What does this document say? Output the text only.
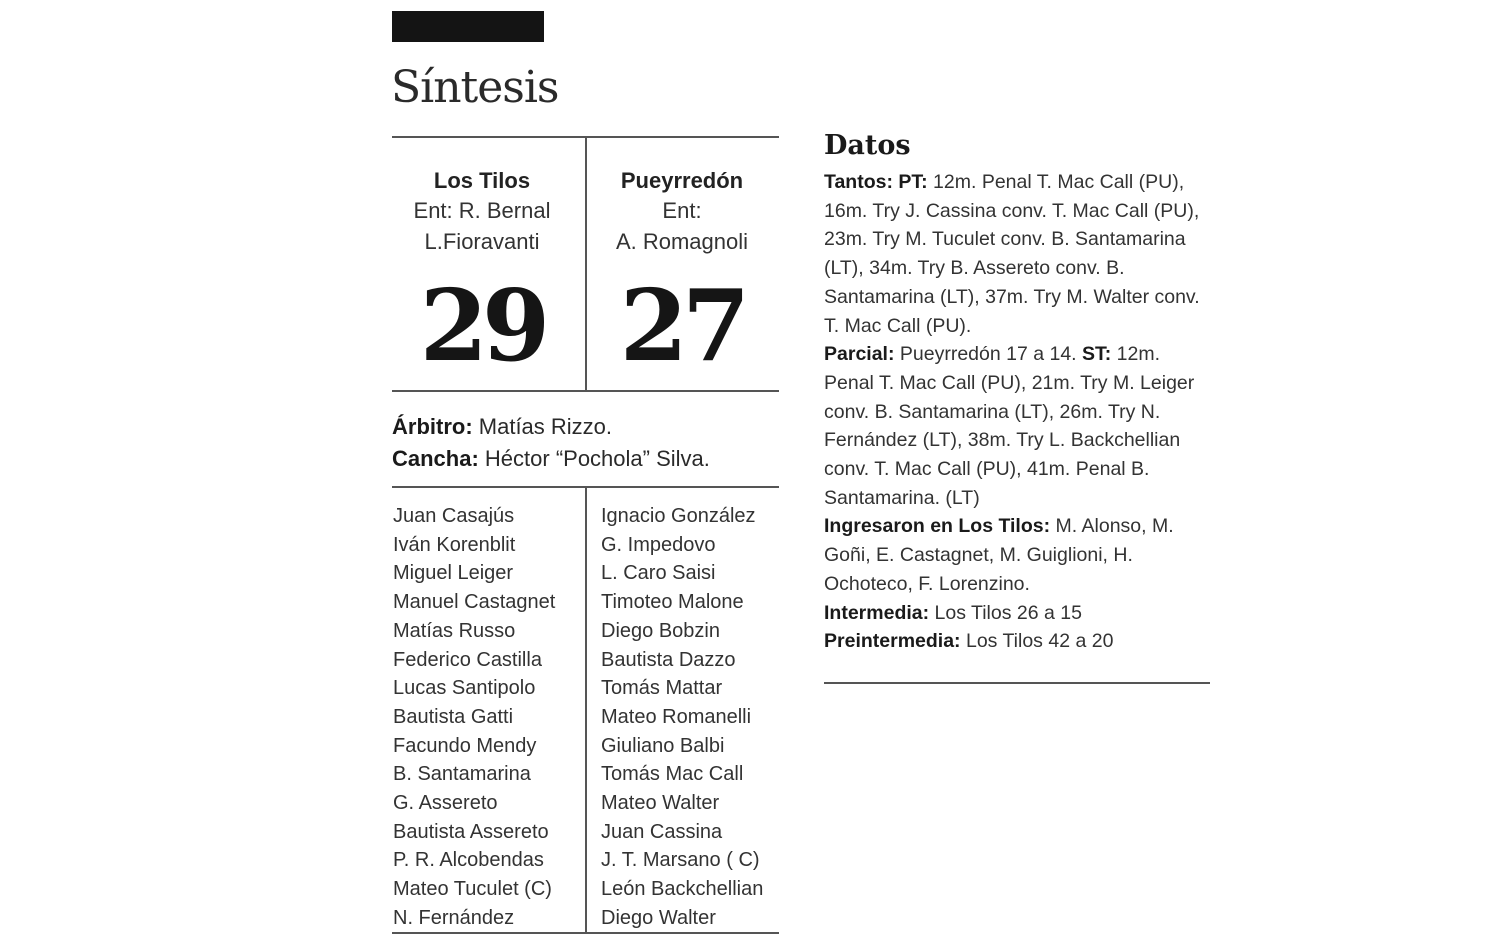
Síntesis
Los Tilos
Ent: R. Bernal
L.Fioravanti
29
Pueyrredón
Ent:
A. Romagnoli
27
Árbitro: Matías Rizzo.
Cancha: Héctor “Pochola” Silva.
Juan Casajús
Iván Korenblit
Miguel Leiger
Manuel Castagnet
Matías Russo
Federico Castilla
Lucas Santipolo
Bautista Gatti
Facundo Mendy
B. Santamarina
G. Assereto
Bautista Assereto
P. R. Alcobendas
Mateo Tuculet (C)
N. Fernández
Ignacio González
G. Impedovo
L. Caro Saisi
Timoteo Malone
Diego Bobzin
Bautista Dazzo
Tomás Mattar
Mateo Romanelli
Giuliano Balbi
Tomás Mac Call
Mateo Walter
Juan Cassina
J. T. Marsano ( C)
León Backchellian
Diego Walter
Datos
Tantos: PT: 12m. Penal T. Mac Call (PU), 16m. Try J. Cassina conv. T. Mac Call (PU), 23m. Try M. Tuculet conv. B. Santamarina (LT), 34m. Try B. Assereto conv. B. Santamarina (LT), 37m. Try M. Walter conv. T. Mac Call (PU).
Parcial: Pueyrredón 17 a 14. ST: 12m. Penal T. Mac Call (PU), 21m. Try M. Leiger conv. B. Santamarina (LT), 26m. Try N. Fernández (LT), 38m. Try L. Backchellian conv. T. Mac Call (PU), 41m. Penal B. Santamarina. (LT)
Ingresaron en Los Tilos: M. Alonso, M. Goñi, E. Castagnet, M. Guiglioni, H. Ochoteco, F. Lorenzino.
Intermedia: Los Tilos 26 a 15
Preintermedia: Los Tilos 42 a 20
